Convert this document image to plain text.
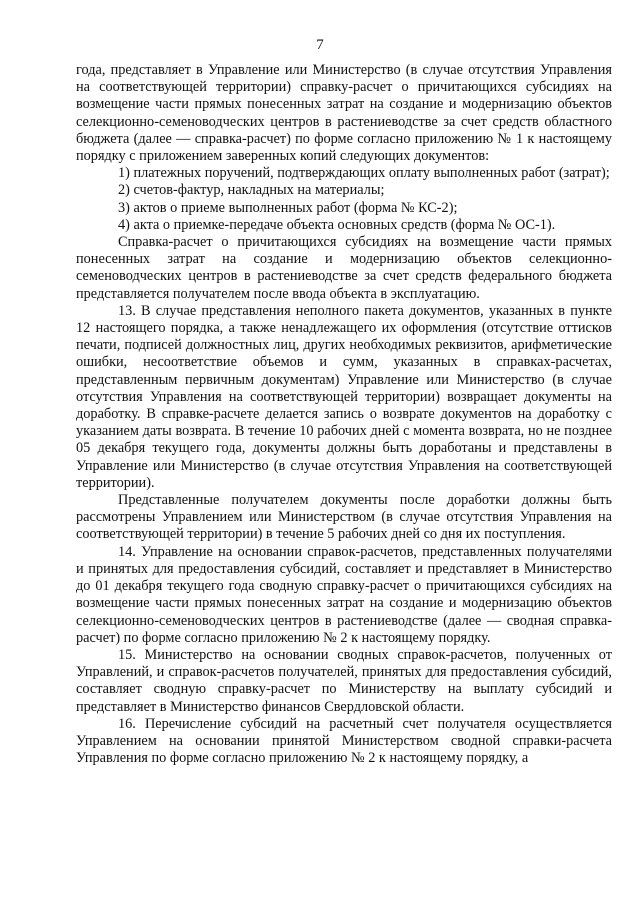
7

года, представляет в Управление или Министерство (в случае отсутствия Управления на соответствующей территории) справку-расчет о причитающихся субсидиях на возмещение части прямых понесенных затрат на создание и модернизацию объектов селекционно-семеноводческих центров в растениеводстве за счет средств областного бюджета (далее — справка-расчет) по форме согласно приложению № 1 к настоящему порядку с приложением заверенных копий следующих документов:

1) платежных поручений, подтверждающих оплату выполненных работ (затрат);

2) счетов-фактур, накладных на материалы;

3) актов о приеме выполненных работ (форма № КС-2);

4) акта о приемке-передаче объекта основных средств (форма № ОС-1).

Справка-расчет о причитающихся субсидиях на возмещение части прямых понесенных затрат на создание и модернизацию объектов селекционно-семеноводческих центров в растениеводстве за счет средств федерального бюджета представляется получателем после ввода объекта в эксплуатацию.

13. В случае представления неполного пакета документов, указанных в пункте 12 настоящего порядка, а также ненадлежащего их оформления (отсутствие оттисков печати, подписей должностных лиц, других необходимых реквизитов, арифметические ошибки, несоответствие объемов и сумм, указанных в справках-расчетах, представленным первичным документам) Управление или Министерство (в случае отсутствия Управления на соответствующей территории) возвращает документы на доработку. В справке-расчете делается запись о возврате документов на доработку с указанием даты возврата. В течение 10 рабочих дней с момента возврата, но не позднее 05 декабря текущего года, документы должны быть доработаны и представлены в Управление или Министерство (в случае отсутствия Управления на соответствующей территории).

Представленные получателем документы после доработки должны быть рассмотрены Управлением или Министерством (в случае отсутствия Управления на соответствующей территории) в течение 5 рабочих дней со дня их поступления.

14. Управление на основании справок-расчетов, представленных получателями и принятых для предоставления субсидий, составляет и представляет в Министерство до 01 декабря текущего года сводную справку-расчет о причитающихся субсидиях на возмещение части прямых понесенных затрат на создание и модернизацию объектов селекционно-семеноводческих центров в растениеводстве (далее — сводная справка-расчет) по форме согласно приложению № 2 к настоящему порядку.

15. Министерство на основании сводных справок-расчетов, полученных от Управлений, и справок-расчетов получателей, принятых для предоставления субсидий, составляет сводную справку-расчет по Министерству на выплату субсидий и представляет в Министерство финансов Свердловской области.

16. Перечисление субсидий на расчетный счет получателя осуществляется Управлением на основании принятой Министерством сводной справки-расчета Управления по форме согласно приложению № 2 к настоящему порядку, а
